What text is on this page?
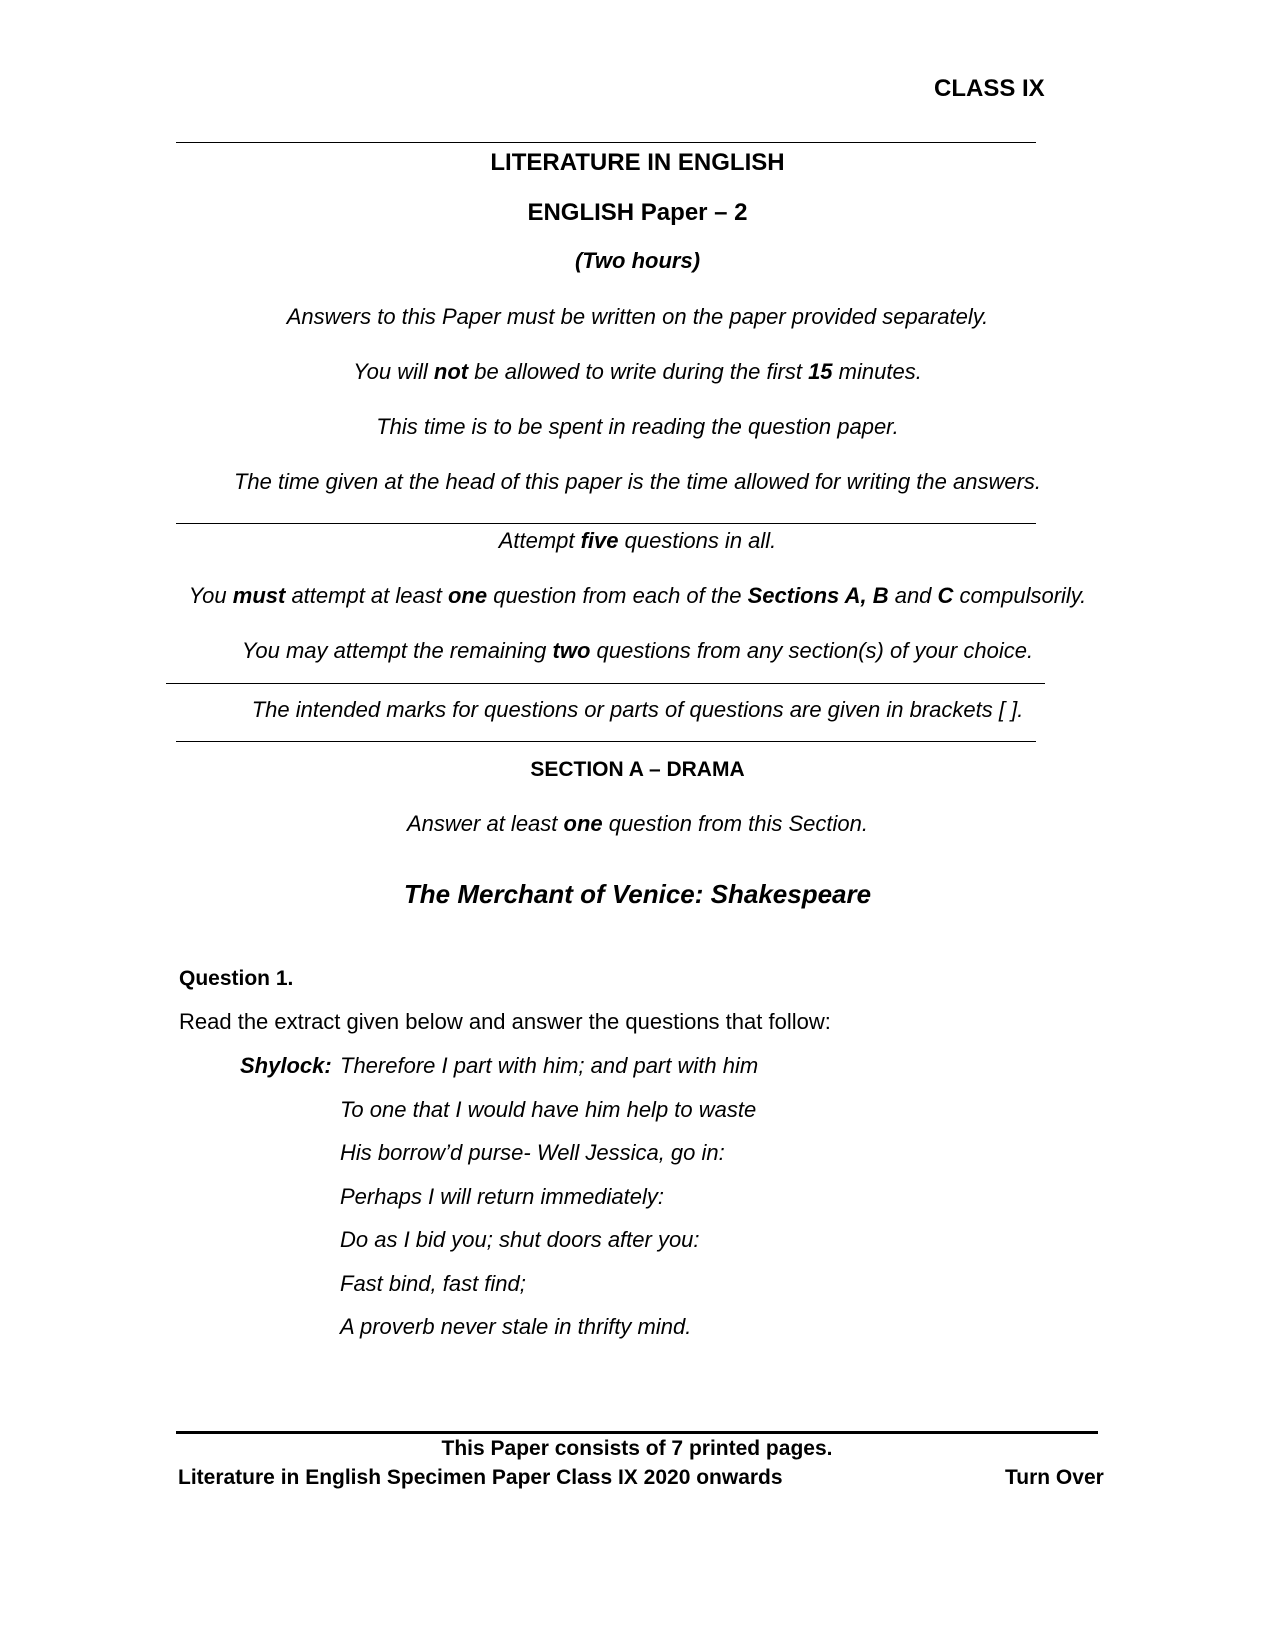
CLASS IX
LITERATURE IN ENGLISH
ENGLISH Paper – 2
(Two hours)
Answers to this Paper must be written on the paper provided separately.
You will not be allowed to write during the first 15 minutes.
This time is to be spent in reading the question paper.
The time given at the head of this paper is the time allowed for writing the answers.
Attempt five questions in all.
You must attempt at least one question from each of the Sections A, B and C compulsorily.
You may attempt the remaining two questions from any section(s) of your choice.
The intended marks for questions or parts of questions are given in brackets [ ].
SECTION A – DRAMA
Answer at least one question from this Section.
The Merchant of Venice: Shakespeare
Question 1.
Read the extract given below and answer the questions that follow:
Shylock: Therefore I part with him; and part with him
To one that I would have him help to waste
His borrow’d purse- Well Jessica, go in:
Perhaps I will return immediately:
Do as I bid you; shut doors after you:
Fast bind, fast find;
A proverb never stale in thrifty mind.
This Paper consists of 7 printed pages.
Literature in English Specimen Paper Class IX 2020 onwards	Turn Over
